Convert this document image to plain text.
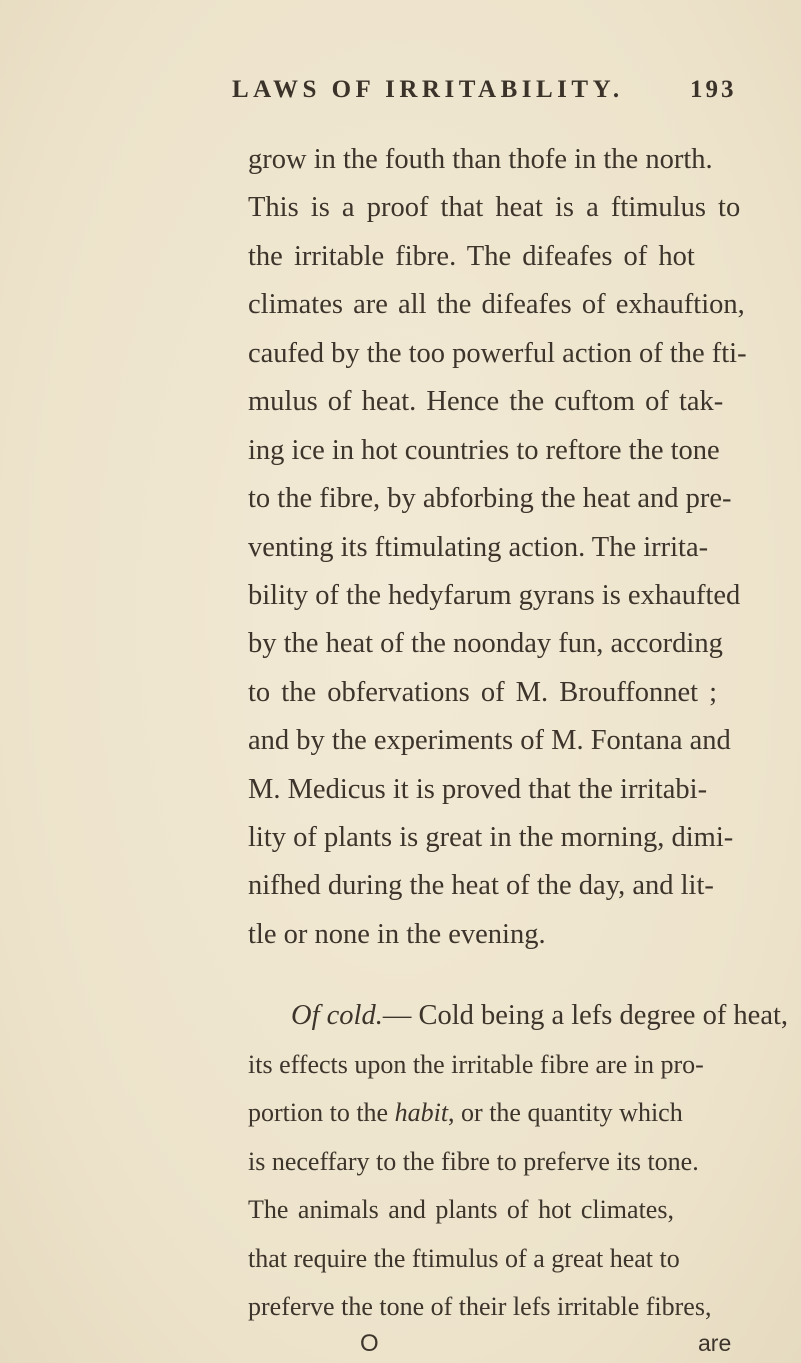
LAWS OF IRRITABILITY.	193
grow in the fouth than thofe in the north.
This is a proof that heat is a ftimulus to
the irritable fibre. The difeafes of hot
climates are all the difeafes of exhauftion,
caufed by the too powerful action of the fti-
mulus of heat. Hence the cuftom of tak-
ing ice in hot countries to reftore the tone
to the fibre, by abforbing the heat and pre-
venting its ftimulating action. The irrita-
bility of the hedyfarum gyrans is exhaufted
by the heat of the noonday fun, according
to the obfervations of M. Brouffonnet ;
and by the experiments of M. Fontana and
M. Medicus it is proved that the irritabi-
lity of plants is great in the morning, dimi-
nifhed during the heat of the day, and lit-
tle or none in the evening.
Of cold.— Cold being a lefs degree of heat,
its effects upon the irritable fibre are in pro-
portion to the habit, or the quantity which
is neceffary to the fibre to preferve its tone.
The animals and plants of hot climates,
that require the ftimulus of a great heat to
preferve the tone of their lefs irritable fibres,
O	are
